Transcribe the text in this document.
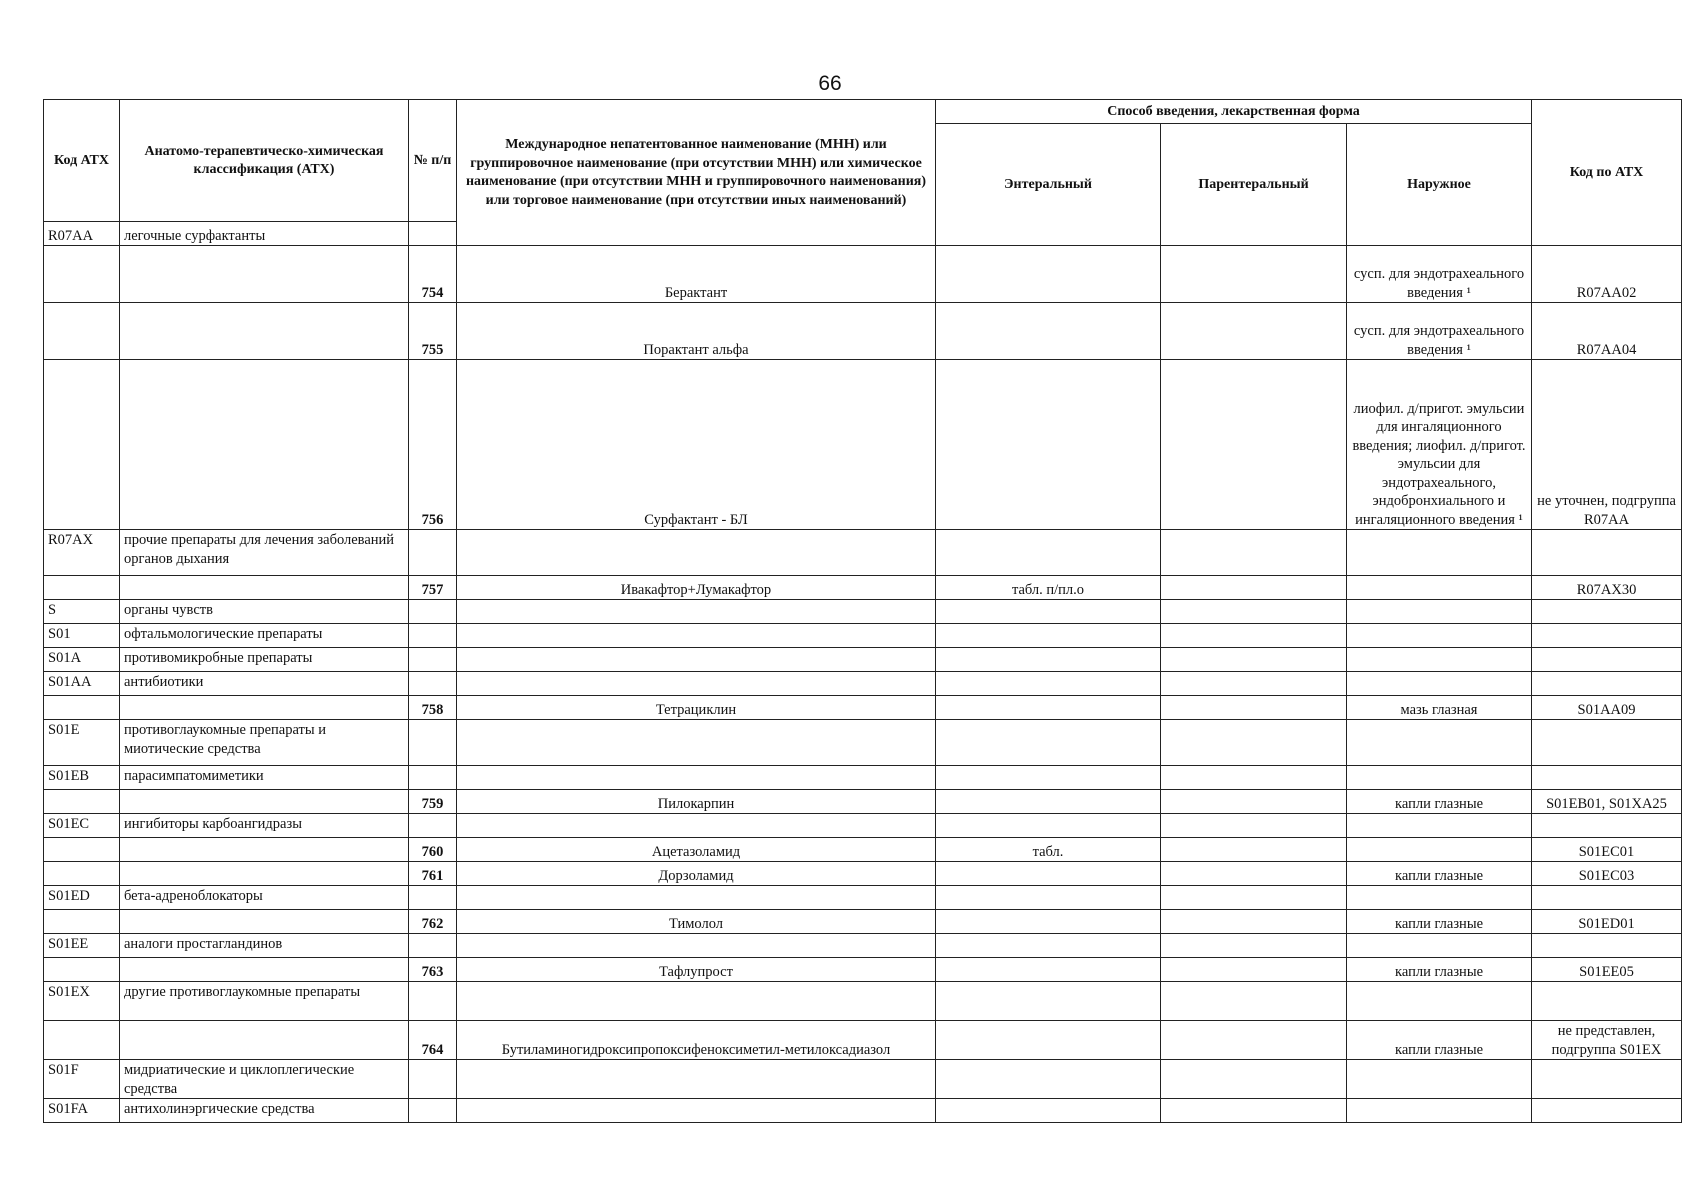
66
Код АТХ	Анатомо-терапевтическо-химическая классификация (АТХ)	№ п/п	Международное непатентованное наименование (МНН) или группировочное наименование (при отсутствии МНН) или химическое наименование (при отсутствии МНН и группировочного наименования) или торговое наименование (при отсутствии иных наименований)	Способ введения, лекарственная форма			Код по АТХ
				Энтеральный	Парентеральный	Наружное	
R07AA	легочные сурфактанты						
		754	Берактант			сусп. для эндотрахеального введения ¹	R07AA02
		755	Порактант альфа			сусп. для эндотрахеального введения ¹	R07AA04
		756	Сурфактант - БЛ			лиофил. д/пригот. эмульсии для ингаляционного введения; лиофил. д/пригот. эмульсии для эндотрахеального, эндобронхиального и ингаляционного введения ¹	не уточнен, подгруппа R07AA
R07AX	прочие препараты для лечения заболеваний органов дыхания						
		757	Ивакафтор+Лумакафтор	табл. п/пл.о			R07AX30
S	органы чувств						
S01	офтальмологические препараты						
S01A	противомикробные препараты						
S01AA	антибиотики						
		758	Тетрациклин			мазь глазная	S01AA09
S01E	противоглаукомные препараты и миотические средства						
S01EB	парасимпатомиметики						
		759	Пилокарпин			капли глазные	S01EB01, S01XA25
S01EC	ингибиторы карбоангидразы						
		760	Ацетазоламид	табл.			S01EC01
		761	Дорзоламид			капли глазные	S01EC03
S01ED	бета-адреноблокаторы						
		762	Тимолол			капли глазные	S01ED01
S01EE	аналоги простагландинов						
		763	Тафлупрост			капли глазные	S01EE05
S01EX	другие противоглаукомные препараты						
		764	Бутиламиногидроксипропоксифеноксиметил-метилоксадиазол			капли глазные	не представлен, подгруппа S01EX
S01F	мидриатические и циклоплегические средства						
S01FA	антихолинэргические средства						
